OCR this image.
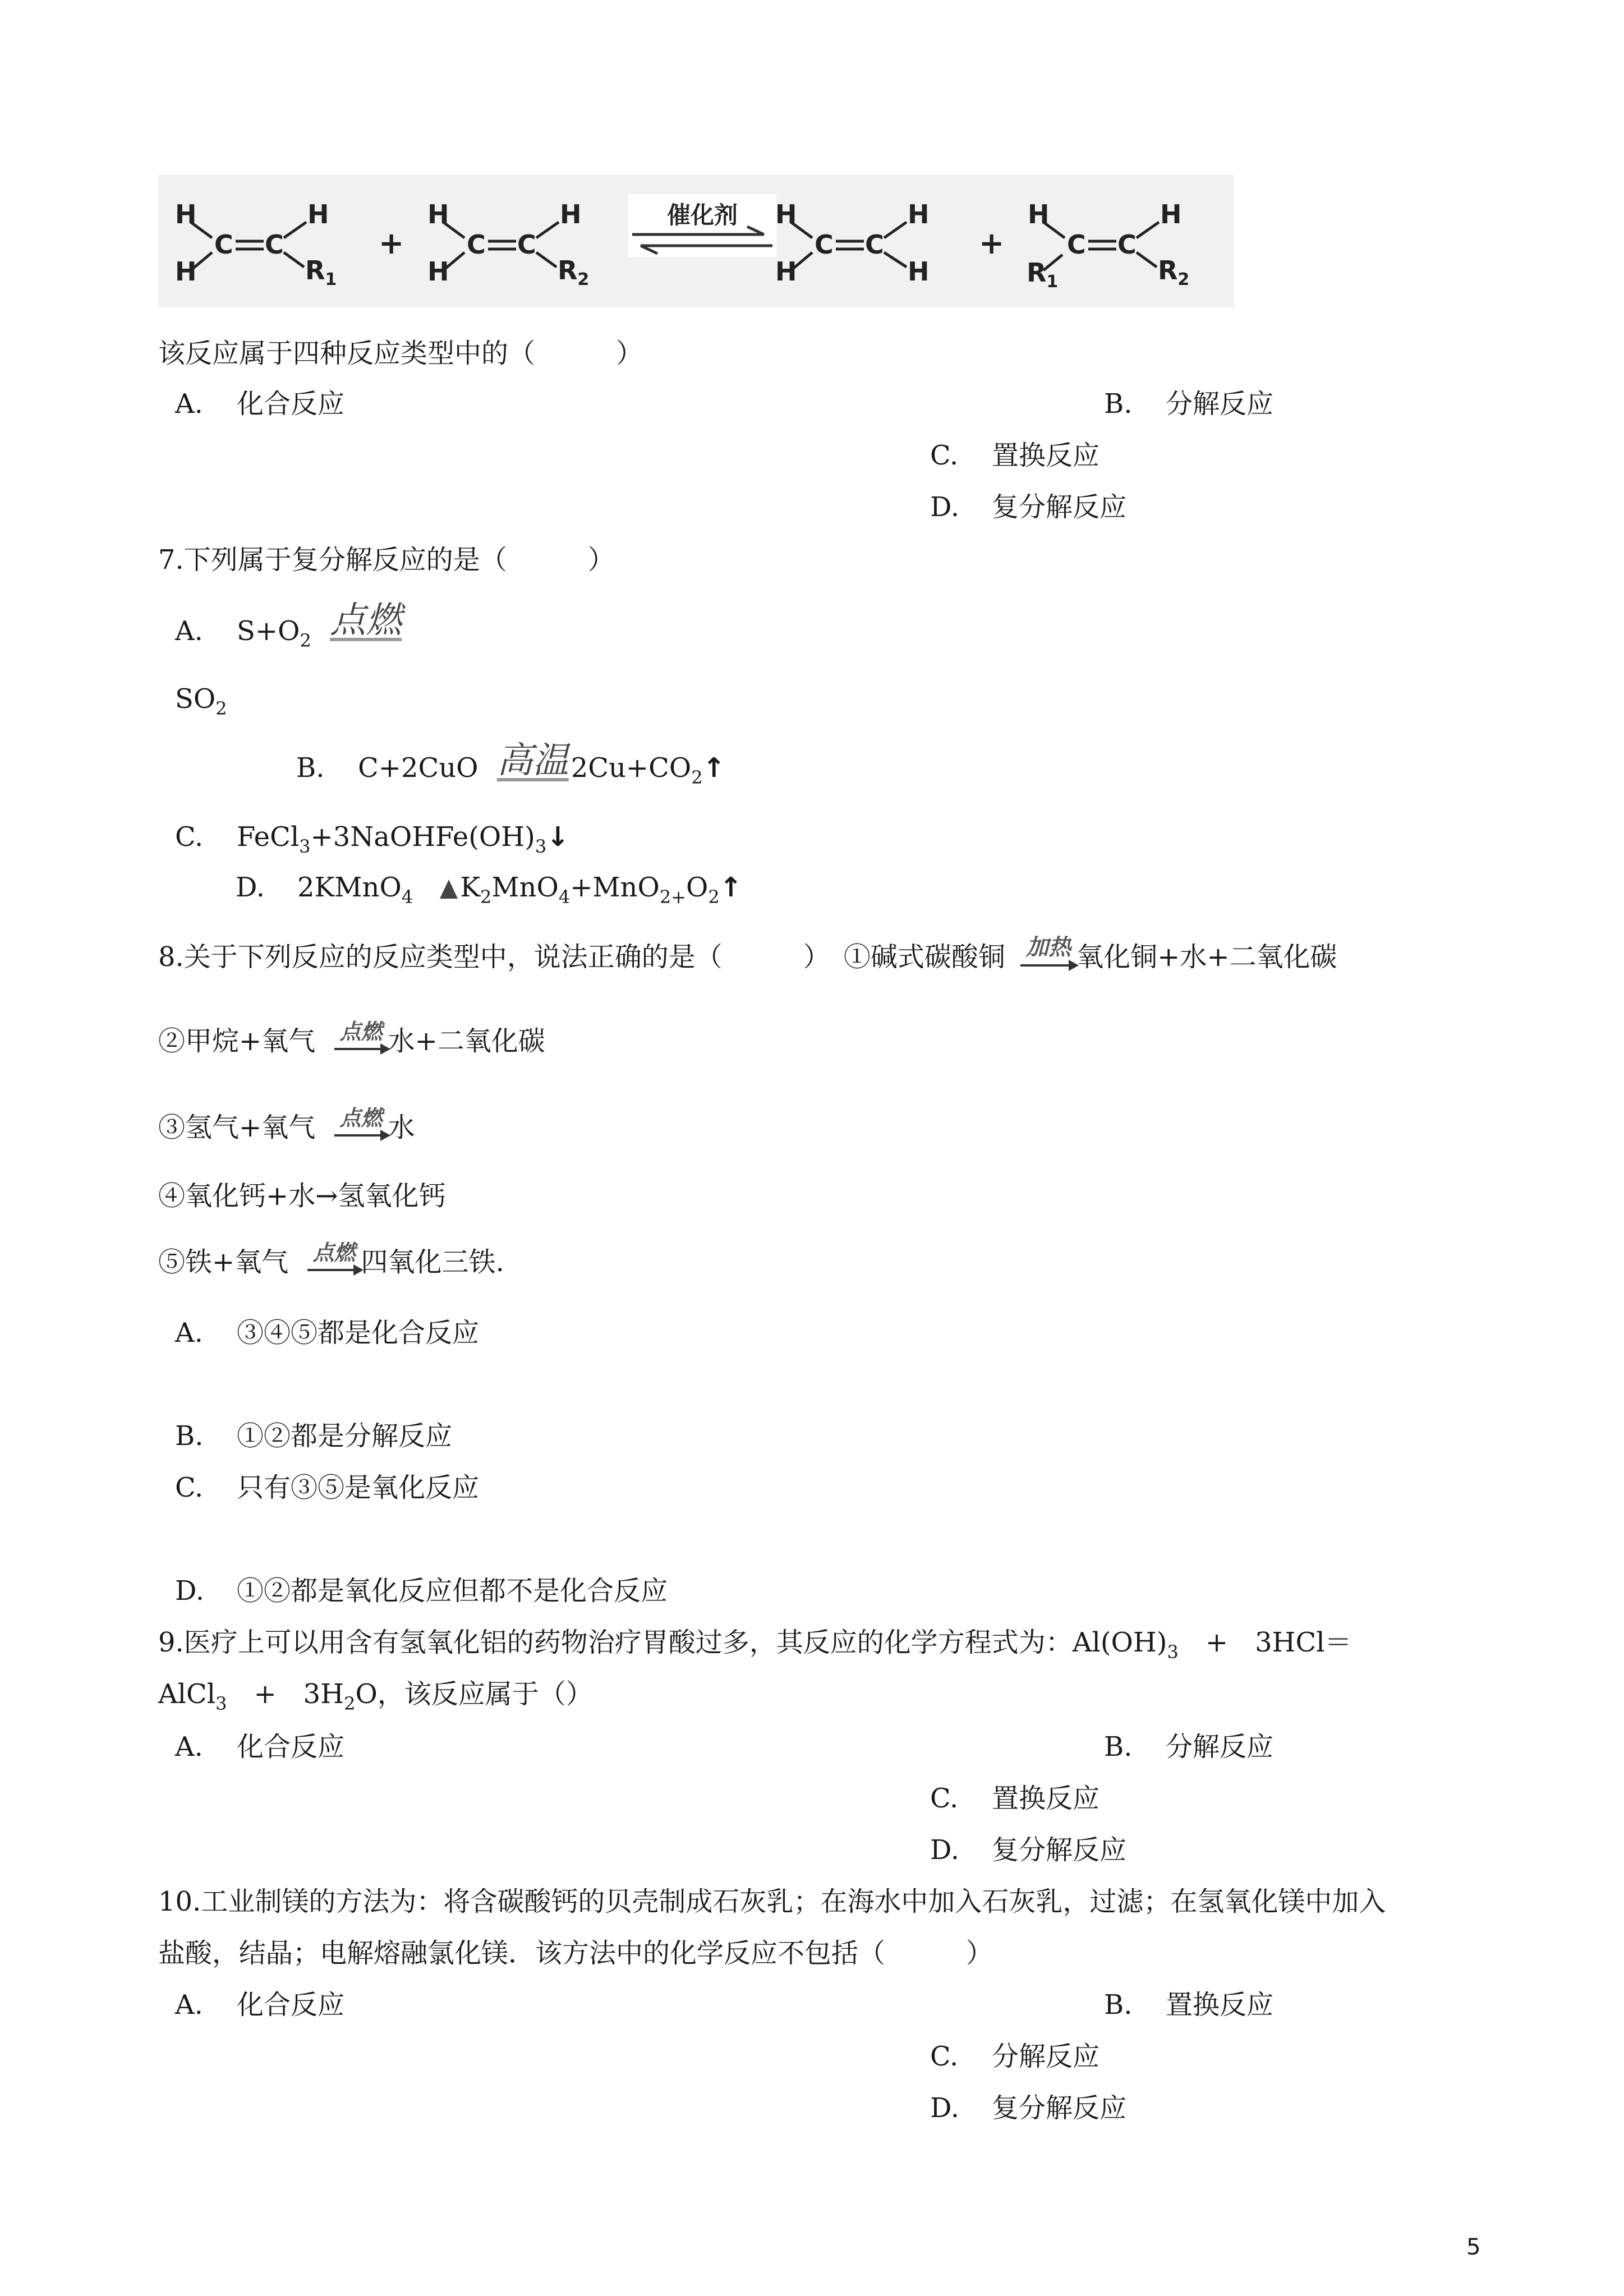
催化剂
H
H
C C
H
$R_1$
+
H
H
C C
H
$R_2$
H
H
C C
H
H
+
H
$R_1$
C C
H
$R_2$
该反应属于四种反应类型中的（　　　）
A. 化合反应	B. 分解反应
C. 置换反应
D. 复分解反应
7.下列属于复分解反应的是（　　　）
A. $S+O_2$ 点燃
$SO_2$
B. C+2CuO 高温$2Cu+CO_2↑$
C. $FeCl_3+3NaOHFe(OH)_3↓$
D. 2KMnO$_4$　 $K_2MnO_4+MnO_{2+}O_2↑$
8.关于下列反应的反应类型中，说法正确的是（　　　）　 ①碱式碳酸铜 加热 氧化铜+水+二氧化碳
②甲烷+氧气 点燃 水+二氧化碳
③氢气+氧气 点燃 水
④氧化钙+水→氢氧化钙
⑤铁+氧气 点燃 四氧化三铁.
A. ③④⑤都是化合反应
B. ①②都是分解反应
C. 只有③⑤是氧化反应
D. ①②都是氧化反应但都不是化合反应
9.医疗上可以用含有氢氧化铝的药物治疗胃酸过多，其反应的化学方程式为：$Al(OH)_3$　+　3HCl＝
AlCl$_3$　+　$3H_2O$，该反应属于（）
A. 化合反应	B. 分解反应
C. 置换反应
D. 复分解反应
10.工业制镁的方法为：将含碳酸钙的贝壳制成石灰乳；在海水中加入石灰乳，过滤；在氢氧化镁中加入
盐酸，结晶；电解熔融氯化镁．该方法中的化学反应不包括（　　　）
A. 化合反应	B. 置换反应
C. 分解反应
D. 复分解反应
5
